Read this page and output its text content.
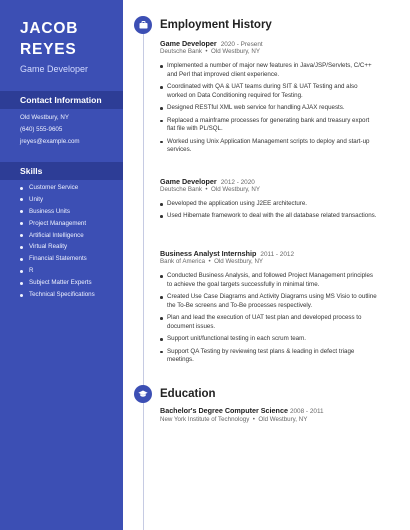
JACOB
REYES
Game Developer
Contact Information
Old Westbury, NY
(640) 555-9605
jreyes@example.com
Skills
Customer Service
Unity
Business Units
Project Management
Artificial Intelligence
Virtual Reality
Financial Statements
R
Subject Matter Experts
Technical Specifications
Employment History
Game Developer 2020 - Present
Deutsche Bank  •  Old Westbury, NY
Implemented a number of major new features in Java/JSP/Servlets, C/C++ and Perl that improved client experience.
Coordinated with QA & UAT teams during SIT & UAT Testing and also worked on Data Conditioning required for Testing.
Designed RESTful XML web service for handling AJAX requests.
Replaced a mainframe processes for generating bank and treasury export flat file with PL/SQL.
Worked using Unix Application Management scripts to deploy and start-up services.
Game Developer 2012 - 2020
Deutsche Bank  •  Old Westbury, NY
Developed the application using J2EE architecture.
Used Hibernate framework to deal with the all database related transactions.
Business Analyst Internship 2011 - 2012
Bank of America  •  Old Westbury, NY
Conducted Business Analysis, and followed Project Management principles to achieve the goal targets successfully in minimal time.
Created Use Case Diagrams and Activity Diagrams using MS Visio to outline the To-Be screens and To-Be processes respectively.
Plan and lead the execution of UAT test plan and developed process to document issues.
Support unit/functional testing in each scrum team.
Support QA Testing by reviewing test plans & leading in defect triage meetings.
Education
Bachelor's Degree Computer Science 2008 - 2011
New York Institute of Technology  •  Old Westbury, NY
